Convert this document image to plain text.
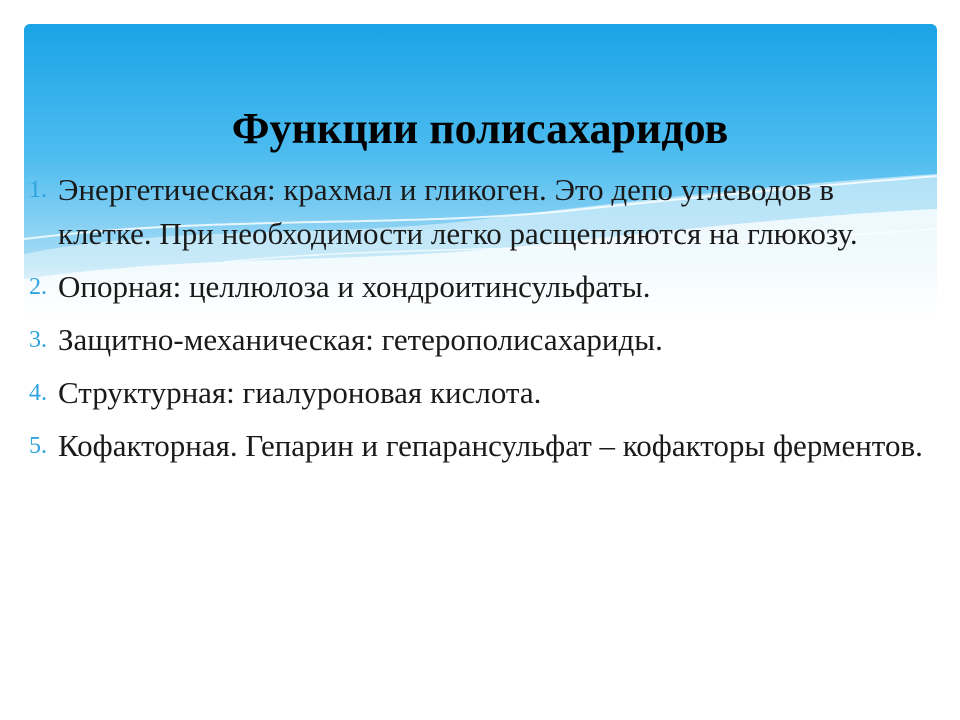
Функции полисахаридов
1. Энергетическая: крахмал и гликоген. Это депо углеводов в клетке. При необходимости легко расщепляются на глюкозу.
2. Опорная: целлюлоза и хондроитинсульфаты.
3. Защитно-механическая: гетерополисахариды.
4. Структурная: гиалуроновая кислота.
5. Кофакторная. Гепарин и гепарансульфат – кофакторы ферментов.
